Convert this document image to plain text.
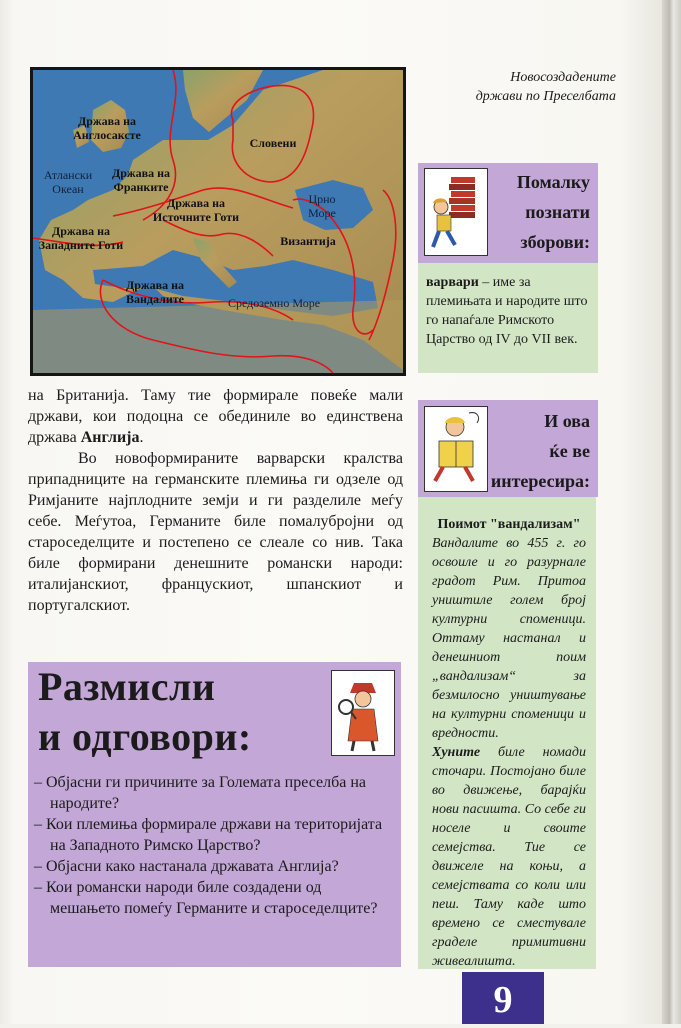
Држава на
Англосаксте
Словени
Атлански
Океан
Држава на
Франките
Држава на
Источните Готи
Црно
Море
Држава на
Западните Готи	Византија
Држава на
Вандалите	Средоземно Море
Новосоздадените
држави по Преселбата
Помалку
познати
зборови:
варвари – име за племињата и народите што го напаѓале Римското Царство од IV до VII век.

на Британија. Таму тие формирале повеќе мали држави, кои подоцна се обединиле во единствена држава Англија.

Во новоформираните варварски кралства припадниците на германските племиња ги одзеле од Римјаните најплодните земји и ги разделиле меѓу себе. Меѓутоа, Германите биле помалубројни од староседелците и постепено се слеале со нив. Така биле формирани денешните романски народи: италијанскиот, францускиот, шпанскиот и португалскиот.

И ова
ќе ве
интересира:
Поимот "вандализам"
Вандалите во 455 г. го освоиле и го разурнале градот Рим. Притоа уништиле голем број културни споменици. Оттаму настанал и денешниот поим „вандализам“ за безмилосно уништување на културни споменици и вредности.
Хуните биле номади сточари. Постојано биле во движење, барајќи нови пасишта. Со себе ги носеле и своите семејства. Тие се движеле на коњи, а семејствата со коли или пеш. Таму каде што времено се сместувале граделе примитивни живеалишта.
Размисли
и одговори:
– Објасни ги причините за Големата преселба на народите?
– Кои племиња формирале држави на територијата на Западното Римско Царство?
– Објасни како настанала државата Англија?
– Кои романски народи биле создадени од мешањето помеѓу Германите и староседелците?
9
